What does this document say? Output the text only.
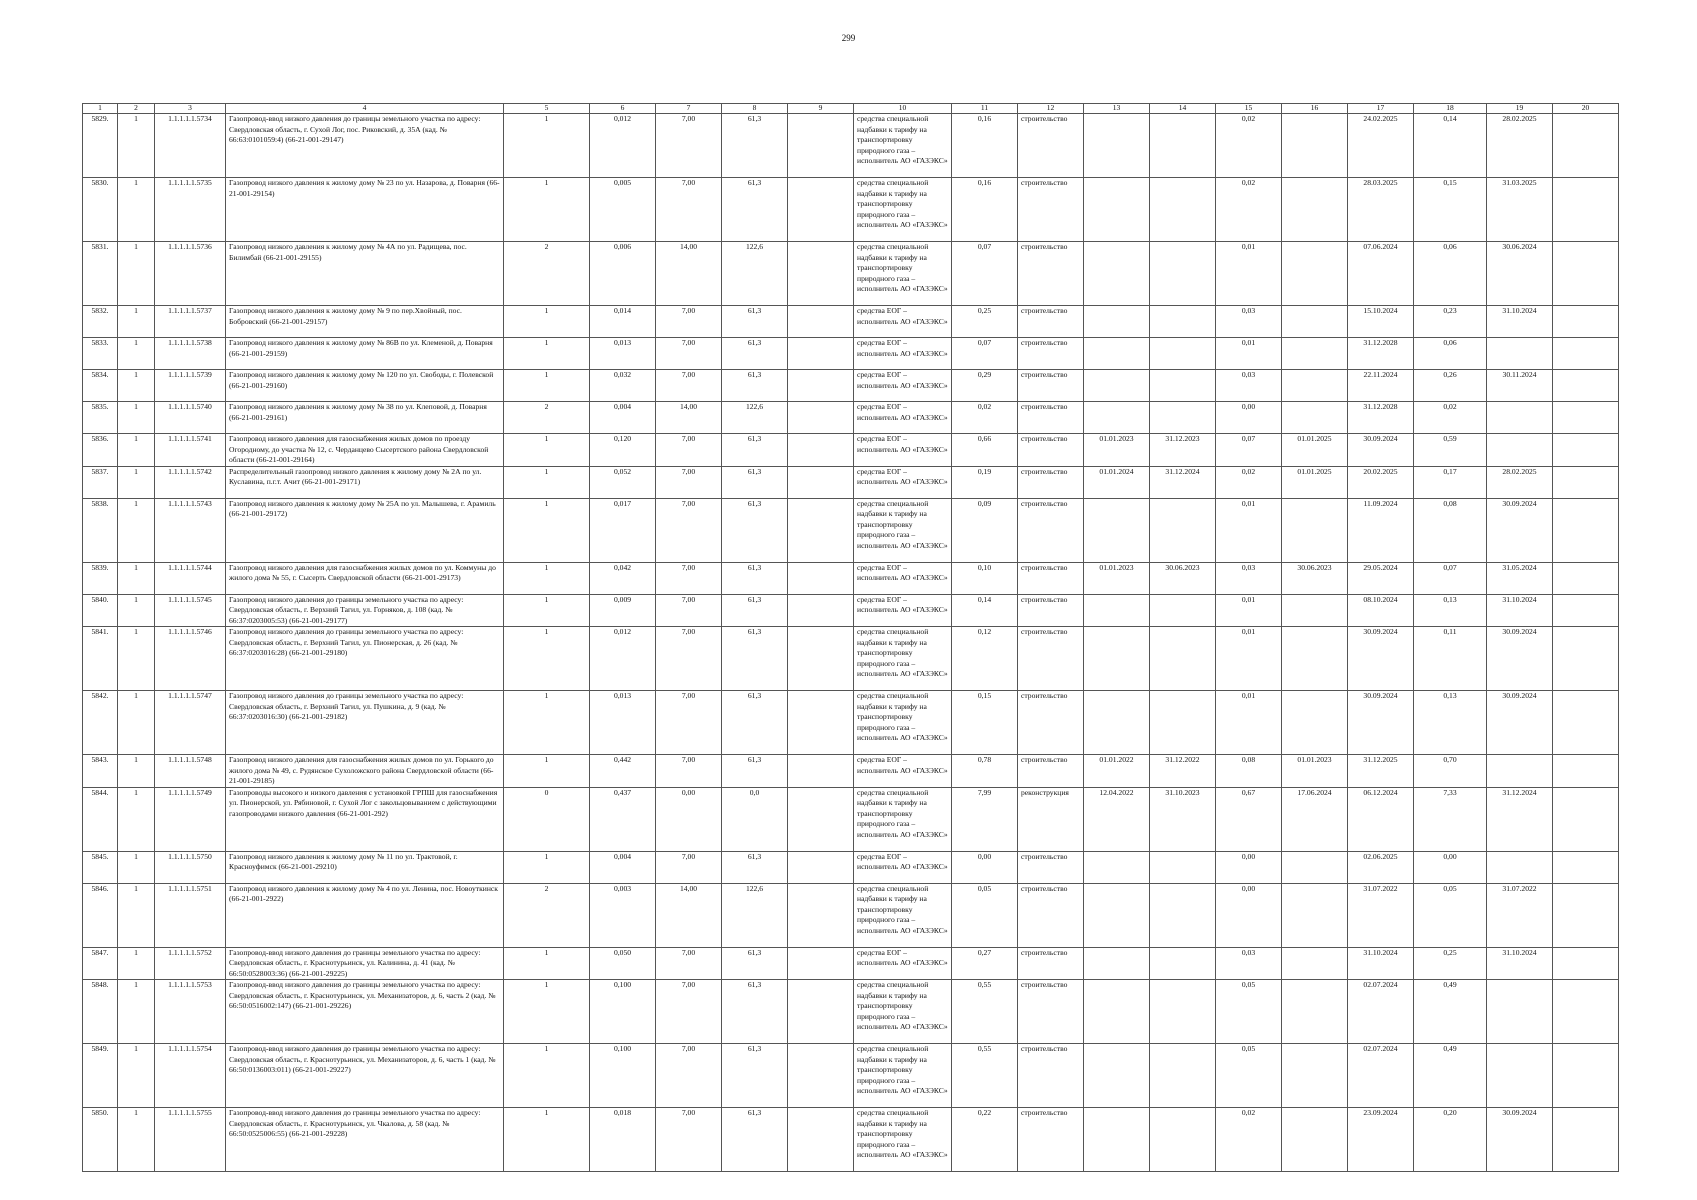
299
1	2	3	4	5	6	7	8	9	10	11	12	13	14	15	16	17	18	19	20
5829.	1	1.1.1.1.1.5734	Газопровод-ввод низкого давления до границы земельного участка по адресу: Свердловская область, г. Сухой Лог, пос. Риковский, д. 35А (кад. № 66:63:0101059:4) (66-21-001-29147)	1	0,012	7,00	61,3		средства специальной надбавки к тарифу на транспортировку природного газа – исполнитель АО «ГАЗЭКС»	0,16	строительство			0,02		24.02.2025	0,14	28.02.2025	
5830.	1	1.1.1.1.1.5735	Газопровод низкого давления к жилому дому № 23 по ул. Назарова, д. Поварня (66-21-001-29154)	1	0,005	7,00	61,3		средства специальной надбавки к тарифу на транспортировку природного газа – исполнитель АО «ГАЗЭКС»	0,16	строительство			0,02		28.03.2025	0,15	31.03.2025	
5831.	1	1.1.1.1.1.5736	Газопровод низкого давления к жилому дому № 4А по ул. Радищева, пос. Билимбай (66-21-001-29155)	2	0,006	14,00	122,6		средства специальной надбавки к тарифу на транспортировку природного газа – исполнитель АО «ГАЗЭКС»	0,07	строительство			0,01		07.06.2024	0,06	30.06.2024	
5832.	1	1.1.1.1.1.5737	Газопровод низкого давления к жилому дому № 9 по пер.Хвойный, пос. Бобровский (66-21-001-29157)	1	0,014	7,00	61,3		средства ЕОГ – исполнитель АО «ГАЗЭКС»	0,25	строительство			0,03		15.10.2024	0,23	31.10.2024	
5833.	1	1.1.1.1.1.5738	Газопровод низкого давления к жилому дому № 86В по ул. Клеменой, д. Поварня (66-21-001-29159)	1	0,013	7,00	61,3		средства ЕОГ – исполнитель АО «ГАЗЭКС»	0,07	строительство			0,01		31.12.2028	0,06		
5834.	1	1.1.1.1.1.5739	Газопровод низкого давления к жилому дому № 120 по ул. Свободы, г. Полевской (66-21-001-29160)	1	0,032	7,00	61,3		средства ЕОГ – исполнитель АО «ГАЗЭКС»	0,29	строительство			0,03		22.11.2024	0,26	30.11.2024	
5835.	1	1.1.1.1.1.5740	Газопровод низкого давления к жилому дому № 38 по ул. Клеповой, д. Поварня (66-21-001-29161)	2	0,004	14,00	122,6		средства ЕОГ – исполнитель АО «ГАЗЭКС»	0,02	строительство			0,00		31.12.2028	0,02		
5836.	1	1.1.1.1.1.5741	Газопровод низкого давления для газоснабжения жилых домов по проезду Огородному, до участка № 12, с. Черданцево Сысертского района Свердловской области (66-21-001-29164)	1	0,120	7,00	61,3		средства ЕОГ – исполнитель АО «ГАЗЭКС»	0,66	строительство	01.01.2023	31.12.2023	0,07	01.01.2025	30.09.2024	0,59		
5837.	1	1.1.1.1.1.5742	Распределительный газопровод низкого давления к жилому дому № 2А по ул. Куславина, п.г.т. Ачит (66-21-001-29171)	1	0,052	7,00	61,3		средства ЕОГ – исполнитель АО «ГАЗЭКС»	0,19	строительство	01.01.2024	31.12.2024	0,02	01.01.2025	20.02.2025	0,17	28.02.2025	
5838.	1	1.1.1.1.1.5743	Газопровод низкого давления к жилому дому № 25А по ул. Малышева, г. Арамиль (66-21-001-29172)	1	0,017	7,00	61,3		средства специальной надбавки к тарифу на транспортировку природного газа – исполнитель АО «ГАЗЭКС»	0,09	строительство			0,01		11.09.2024	0,08	30.09.2024	
5839.	1	1.1.1.1.1.5744	Газопровод низкого давления для газоснабжения жилых домов по ул. Коммуны до жилого дома № 55, г. Сысерть Свердловской области (66-21-001-29173)	1	0,042	7,00	61,3		средства ЕОГ – исполнитель АО «ГАЗЭКС»	0,10	строительство	01.01.2023	30.06.2023	0,03	30.06.2023	29.05.2024	0,07	31.05.2024	
5840.	1	1.1.1.1.1.5745	Газопровод низкого давления до границы земельного участка по адресу: Свердловская область, г. Верхний Тагил, ул. Горняков, д. 108 (кад. № 66:37:0203005:53) (66-21-001-29177)	1	0,009	7,00	61,3		средства ЕОГ – исполнитель АО «ГАЗЭКС»	0,14	строительство			0,01		08.10.2024	0,13	31.10.2024	
5841.	1	1.1.1.1.1.5746	Газопровод низкого давления до границы земельного участка по адресу: Свердловская область, г. Верхний Тагил, ул. Пионерская, д. 26 (кад. № 66:37:0203016:28) (66-21-001-29180)	1	0,012	7,00	61,3		средства специальной надбавки к тарифу на транспортировку природного газа – исполнитель АО «ГАЗЭКС»	0,12	строительство			0,01		30.09.2024	0,11	30.09.2024	
5842.	1	1.1.1.1.1.5747	Газопровод низкого давления до границы земельного участка по адресу: Свердловская область, г. Верхний Тагил, ул. Пушкина, д. 9 (кад. № 66:37:0203016:30) (66-21-001-29182)	1	0,013	7,00	61,3		средства специальной надбавки к тарифу на транспортировку природного газа – исполнитель АО «ГАЗЭКС»	0,15	строительство			0,01		30.09.2024	0,13	30.09.2024	
5843.	1	1.1.1.1.1.5748	Газопровод низкого давления для газоснабжения жилых домов по ул. Горького до жилого дома № 49, с. Рудянское Сухоложского района Свердловской области (66-21-001-29185)	1	0,442	7,00	61,3		средства ЕОГ – исполнитель АО «ГАЗЭКС»	0,78	строительство	01.01.2022	31.12.2022	0,08	01.01.2023	31.12.2025	0,70		
5844.	1	1.1.1.1.1.5749	Газопроводы высокого и низкого давления с установкой ГРПШ для газоснабжения ул. Пионерской, ул. Рябиновой, г. Сухой Лог с закольцовыванием с действующими газопроводами низкого давления (66-21-001-292)	0	0,437	0,00	0,0		средства специальной надбавки к тарифу на транспортировку природного газа – исполнитель АО «ГАЗЭКС»	7,99	реконструкция	12.04.2022	31.10.2023	0,67	17.06.2024	06.12.2024	7,33	31.12.2024	
5845.	1	1.1.1.1.1.5750	Газопровод низкого давления к жилому дому № 11 по ул. Трактовой, г. Красноуфимск (66-21-001-29210)	1	0,004	7,00	61,3		средства ЕОГ – исполнитель АО «ГАЗЭКС»	0,00	строительство			0,00		02.06.2025	0,00		
5846.	1	1.1.1.1.1.5751	Газопровод низкого давления к жилому дому № 4 по ул. Ленина, пос. Новоуткинск (66-21-001-2922)	2	0,003	14,00	122,6		средства специальной надбавки к тарифу на транспортировку природного газа – исполнитель АО «ГАЗЭКС»	0,05	строительство			0,00		31.07.2022	0,05	31.07.2022	
5847.	1	1.1.1.1.1.5752	Газопровод-ввод низкого давления до границы земельного участка по адресу: Свердловская область, г. Краснотурьинск, ул. Калинина, д. 41 (кад. № 66:50:0528003:36) (66-21-001-29225)	1	0,050	7,00	61,3		средства ЕОГ – исполнитель АО «ГАЗЭКС»	0,27	строительство			0,03		31.10.2024	0,25	31.10.2024	
5848.	1	1.1.1.1.1.5753	Газопровод-ввод низкого давления до границы земельного участка по адресу: Свердловская область, г. Краснотурьинск, ул. Механизаторов, д. 6, часть 2 (кад. № 66:50:0516002:147) (66-21-001-29226)	1	0,100	7,00	61,3		средства специальной надбавки к тарифу на транспортировку природного газа – исполнитель АО «ГАЗЭКС»	0,55	строительство			0,05		02.07.2024	0,49		
5849.	1	1.1.1.1.1.5754	Газопровод-ввод низкого давления до границы земельного участка по адресу: Свердловская область, г. Краснотурьинск, ул. Механизаторов, д. 6, часть 1 (кад. № 66:50:0136003:011) (66-21-001-29227)	1	0,100	7,00	61,3		средства специальной надбавки к тарифу на транспортировку природного газа – исполнитель АО «ГАЗЭКС»	0,55	строительство			0,05		02.07.2024	0,49		
5850.	1	1.1.1.1.1.5755	Газопровод-ввод низкого давления до границы земельного участка по адресу: Свердловская область, г. Краснотурьинск, ул. Чкалова, д. 58 (кад. № 66:50:0525006:55) (66-21-001-29228)	1	0,018	7,00	61,3		средства специальной надбавки к тарифу на транспортировку природного газа – исполнитель АО «ГАЗЭКС»	0,22	строительство			0,02		23.09.2024	0,20	30.09.2024	
